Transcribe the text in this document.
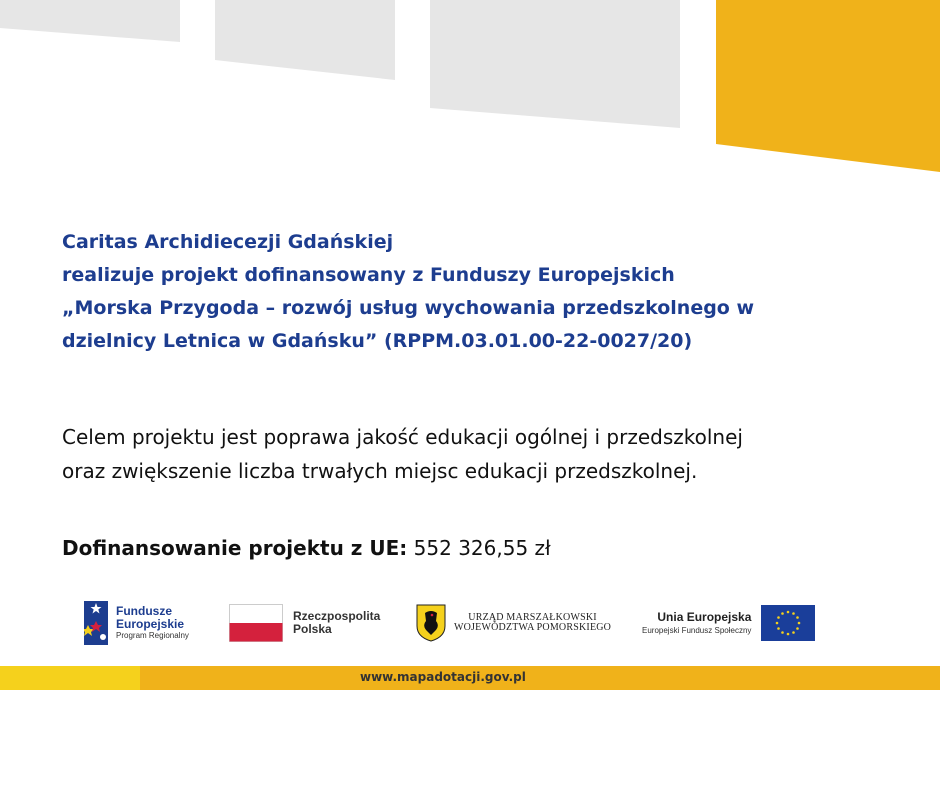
Caritas Archidiecezji Gdańskiej
realizuje projekt dofinansowany z Funduszy Europejskich
„Morska Przygoda – rozwój usług wychowania przedszkolnego w
dzielnicy Letnica w Gdańsku” (RPPM.03.01.00-22-0027/20)
Celem projektu jest poprawa jakość edukacji ogólnej i przedszkolnej
oraz zwiększenie liczba trwałych miejsc edukacji przedszkolnej.
Dofinansowanie projektu z UE: 552 326,55 zł
Fundusze
Europejskie
Program Regionalny
Rzeczpospolita
Polska
URZĄD MARSZAŁKOWSKI
WOJEWÓDZTWA POMORSKIEGO
Unia Europejska
Europejski Fundusz Społeczny
www.mapadotacji.gov.pl
